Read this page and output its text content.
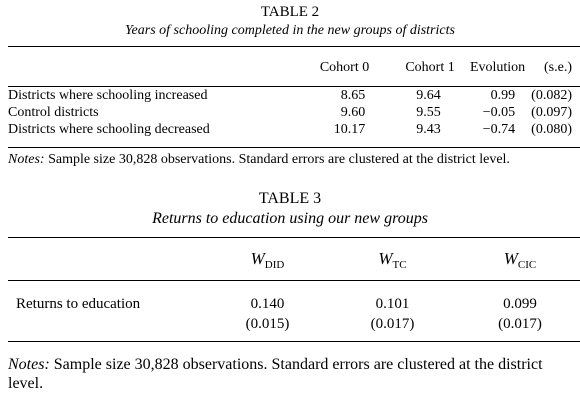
TABLE 2
Years of schooling completed in the new groups of districts
	Cohort 0	Cohort 1	Evolution	(s.e.)
Districts where schooling increased	8.65	9.64	0.99	(0.082)
Control districts	9.60	9.55	−0.05	(0.097)
Districts where schooling decreased	10.17	9.43	−0.74	(0.080)
Notes: Sample size 30,828 observations. Standard errors are clustered at the district level.
TABLE 3
Returns to education using our new groups
	$W_{DID}$	$W_{TC}$	$W_{CIC}$
Returns to education	0.140	0.101	0.099
	(0.015)	(0.017)	(0.017)
Notes: Sample size 30,828 observations. Standard errors are clustered at the district level.
